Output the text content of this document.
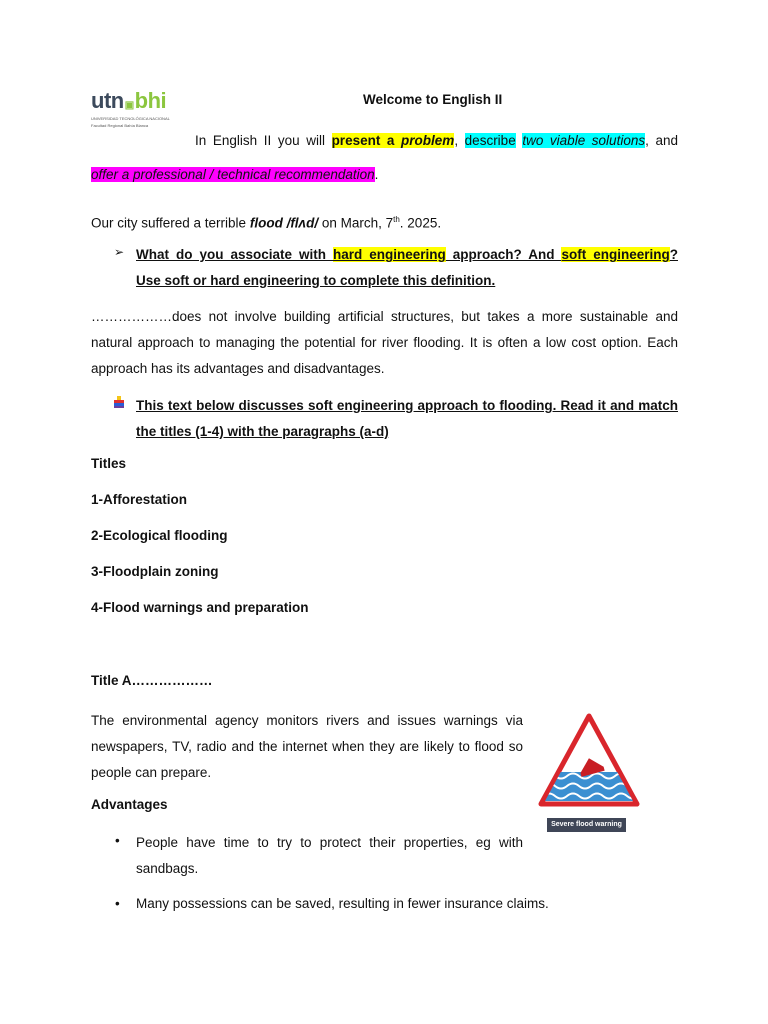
utn ▣ bhi
UNIVERSIDAD TECNOLÓGICA NACIONAL
Facultad Regional Bahía Blanca
Welcome to English II
In English II you will present a problem, describe two viable solutions, and
offer a professional / technical recommendation.
Our city suffered a terrible flood /flʌd/ on March, 7th. 2025.
➢ What do you associate with hard engineering approach? And soft engineering?
Use soft or hard engineering to complete this definition.
………………does not involve building artificial structures, but takes a more sustainable and natural approach to managing the potential for river flooding. It is often a low cost option. Each approach has its advantages and disadvantages.
This text below discusses soft engineering approach to flooding. Read it and match the titles (1-4) with the paragraphs (a-d)
Titles
1-Afforestation
2-Ecological flooding
3-Floodplain zoning
4-Flood warnings and preparation
Title A………………
The environmental agency monitors rivers and issues warnings via newspapers, TV, radio and the internet when they are likely to flood so people can prepare.
Advantages
• People have time to try to protect their properties, eg with sandbags.
• Many possessions can be saved, resulting in fewer insurance claims.
Severe flood warning
